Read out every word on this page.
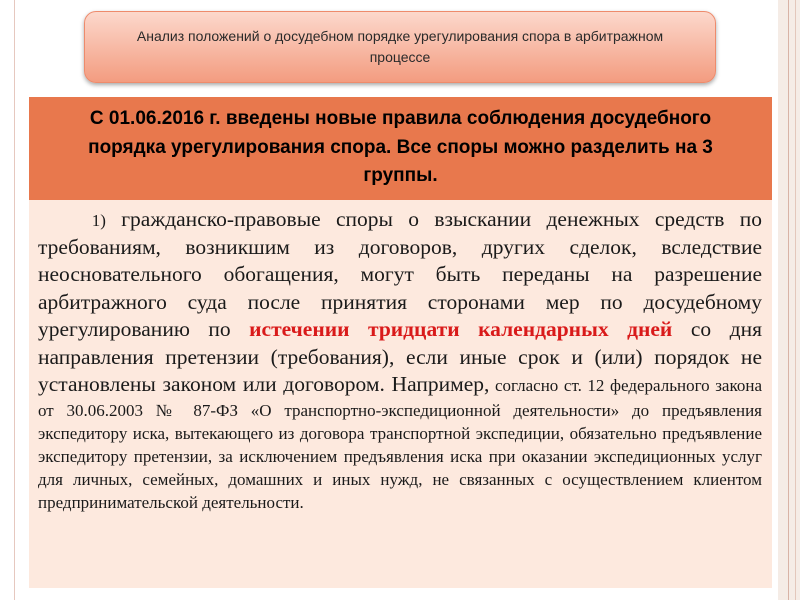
Анализ положений о досудебном порядке урегулирования спора в арбитражном процессе
С 01.06.2016 г. введены новые правила соблюдения досудебного порядка урегулирования спора. Все споры можно разделить на 3 группы.

   1) гражданско-правовые споры о взыскании денежных средств по требованиям, возникшим из договоров, других сделок, вследствие неосновательного обогащения, могут быть переданы на разрешение арбитражного суда после принятия сторонами мер по досудебному урегулированию по истечении тридцати календарных дней со дня направления претензии (требования), если иные срок и (или) порядок не установлены законом или договором. Например, согласно ст. 12 федерального закона от 30.06.2003 № 87-ФЗ «О транспортно-экспедиционной деятельности» до предъявления экспедитору иска, вытекающего из договора транспортной экспедиции, обязательно предъявление экспедитору претензии, за исключением предъявления иска при оказании экспедиционных услуг для личных, семейных, домашних и иных нужд, не связанных с осуществлением клиентом предпринимательской деятельности.
